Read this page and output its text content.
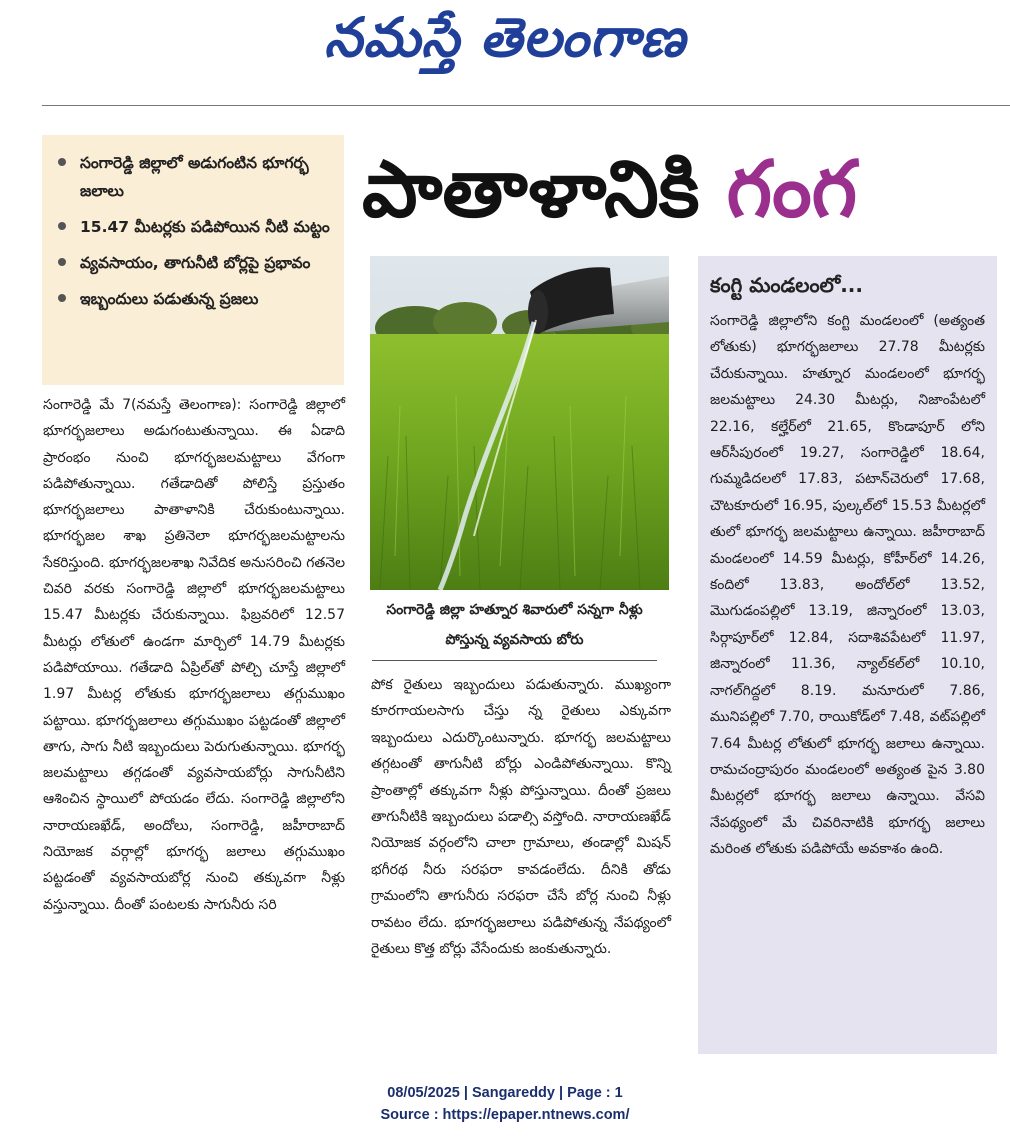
నమస్తే తెలంగాణ
సంగారెడ్డి జిల్లాలో అడుగంటిన భూగర్భ జలాలు
15.47 మీటర్లకు పడిపోయిన నీటి మట్టం
వ్యవసాయం, తాగునీటి బోర్లపై ప్రభావం
ఇబ్బందులు పడుతున్న ప్రజలు
పాతాళానికి గంగ
సంగారెడ్డి జిల్లా హత్నూర శివారులో సన్నగా నీళ్లు పోస్తున్న వ్యవసాయ బోరు
సంగారెడ్డి మే 7(నమస్తే తెలంగాణ): సంగారెడ్డి జిల్లాలో భూగర్భజలాలు అడుగంటుతున్నాయి. ఈ ఏడాది ప్రారంభం నుంచి భూగర్భజలమట్టాలు వేగంగా పడిపోతున్నాయి. గతేడాదితో పోలిస్తే ప్రస్తుతం భూగర్భజలాలు పాతాళానికి చేరుకుంటున్నాయి. భూగర్భజల శాఖ ప్రతినెలా భూగర్భజలమట్టాలను సేకరిస్తుంది. భూగర్భజలశాఖ నివేదిక అనుసరించి గతనెల చివరి వరకు సంగారెడ్డి జిల్లాలో భూగర్భజలమట్టాలు 15.47 మీటర్లకు చేరుకున్నాయి. ఫిబ్రవరిలో 12.57 మీటర్లు లోతులో ఉండగా మార్చిలో 14.79 మీటర్లకు పడిపోయాయి. గతేడాది ఏప్రిల్‌తో పోల్చి చూస్తే జిల్లాలో 1.97 మీటర్ల లోతుకు భూగర్భజలాలు తగ్గుముఖం పట్టాయి. భూగర్భజలాలు తగ్గుముఖం పట్టడంతో జిల్లాలో తాగు, సాగు నీటి ఇబ్బందులు పెరుగుతున్నాయి. భూగర్భ జలమట్టాలు తగ్గడంతో వ్యవసాయబోర్లు సాగునీటిని ఆశించిన స్థాయిలో పోయడం లేదు. సంగారెడ్డి జిల్లాలోని నారాయణఖేడ్, అందోలు, సంగారెడ్డి, జహీరాబాద్ నియోజక వర్గాల్లో భూగర్భ జలాలు తగ్గుముఖం పట్టడంతో వ్యవసాయబోర్ల నుంచి తక్కువగా నీళ్లు వస్తున్నాయి. దీంతో పంటలకు సాగునీరు సరి
పోక రైతులు ఇబ్బందులు పడుతున్నారు. ముఖ్యంగా కూరగాయలసాగు చేస్తు న్న రైతులు ఎక్కువగా ఇబ్బందులు ఎదుర్కొంటున్నారు. భూగర్భ జలమట్టాలు తగ్గటంతో తాగునీటి బోర్లు ఎండిపోతున్నాయి. కొన్ని ప్రాంతాల్లో తక్కువగా నీళ్లు పోస్తున్నాయి. దీంతో ప్రజలు తాగునీటికి ఇబ్బందులు పడాల్సి వస్తోంది. నారాయణఖేడ్ నియోజక వర్గంలోని చాలా గ్రామాలు, తండాల్లో మిషన్ భగీరథ నీరు సరఫరా కావడంలేదు. దీనికి తోడు గ్రామంలోని తాగునీరు సరఫరా చేసే బోర్ల నుంచి నీళ్లు రావటం లేదు. భూగర్భజలాలు పడిపోతున్న నేపథ్యంలో రైతులు కొత్త బోర్లు వేసేందుకు జంకుతున్నారు.
కంగ్టి మండలంలో...
సంగారెడ్డి జిల్లాలోని కంగ్టి మండలంలో (అత్యంత లోతుకు) భూగర్భజలాలు 27.78 మీటర్లకు చేరుకున్నాయి. హత్నూర మండలంలో భూగర్భ జలమట్టాలు 24.30 మీటర్లు, నిజాంపేటలో 22.16, కల్హేర్‌లో 21.65, కొండాపూర్ లోని ఆర్‌సీపురంలో 19.27, సంగారెడ్డిలో 18.64, గుమ్మడిదలలో 17.83, పటాన్‌చెరులో 17.68, చౌటకూరులో 16.95, పుల్కల్‌లో 15.53 మీటర్లలో తులో భూగర్భ జలమట్టాలు ఉన్నాయి. జహీరాబాద్ మండలంలో 14.59 మీటర్లు, కోహీర్‌లో 14.26, కందిలో 13.83, అందోల్‌లో 13.52, మొగుడంపల్లిలో 13.19, జిన్నారంలో 13.03, సిర్గాపూర్‌లో 12.84, సదాశివపేటలో 11.97, జిన్నారంలో 11.36, న్యాల్‌కల్‌లో 10.10, నాగల్‌గిద్దలో 8.19. మనూరులో 7.86, మునిపల్లిలో 7.70, రాయికోడ్‌లో 7.48, వట్‌పల్లిలో 7.64 మీటర్ల లోతులో భూగర్భ జలాలు ఉన్నాయి. రామచంద్రాపురం మండలంలో అత్యంత పైన 3.80 మీటర్లలో భూగర్భ జలాలు ఉన్నాయి. వేసవి నేపథ్యంలో మే చివరినాటికి భూగర్భ జలాలు మరింత లోతుకు పడిపోయే అవకాశం ఉంది.
08/05/2025 | Sangareddy | Page : 1
Source : https://epaper.ntnews.com/
